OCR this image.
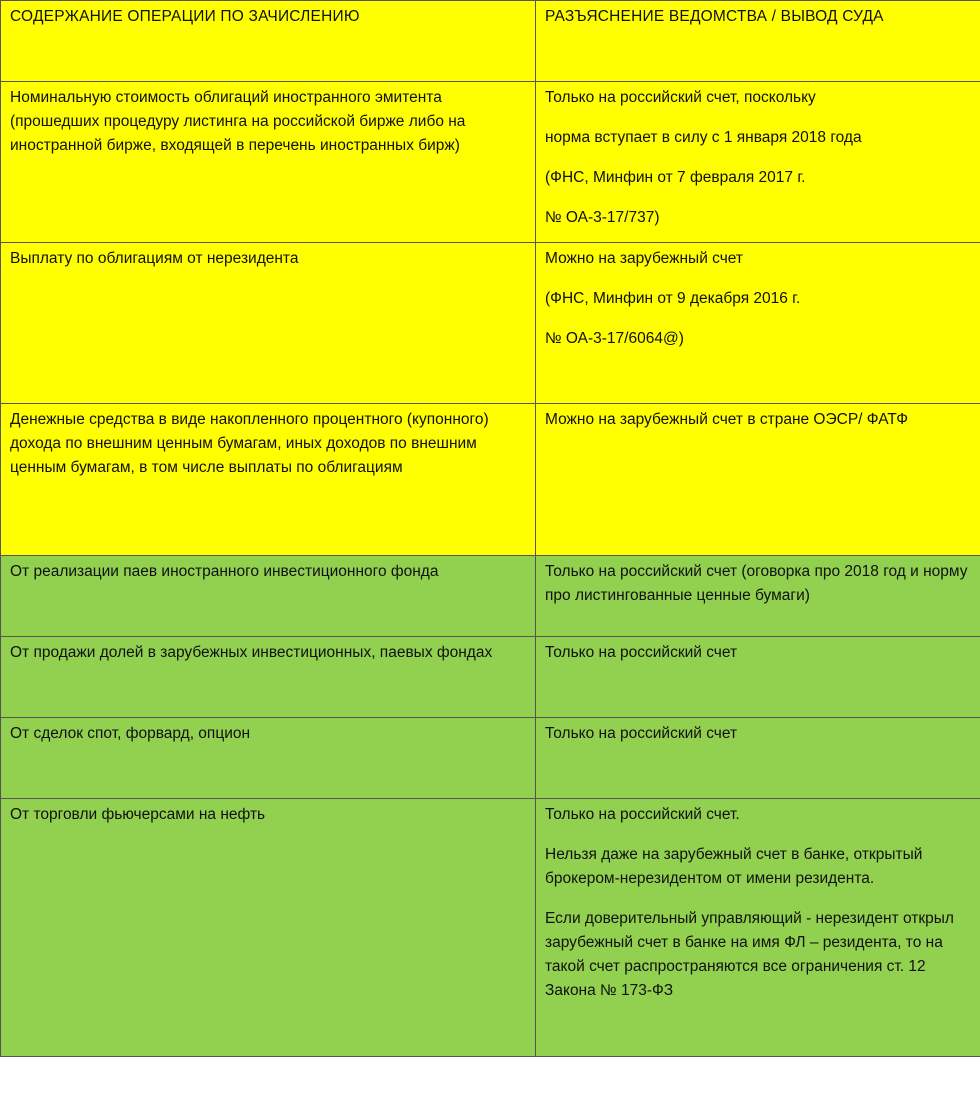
СОДЕРЖАНИЕ ОПЕРАЦИИ ПО ЗАЧИСЛЕНИЮ	РАЗЪЯСНЕНИЕ ВЕДОМСТВА / ВЫВОД СУДА
Номинальную стоимость облигаций иностранного эмитента (прошедших процедуру листинга на российской бирже либо на иностранной бирже, входящей в перечень иностранных бирж)	Только на российский счет, поскольку

норма вступает в силу с 1 января 2018 года

(ФНС, Минфин от 7 февраля 2017 г.

№ ОА-3-17/737)

Выплату по облигациям от нерезидента	Можно на зарубежный счет

(ФНС, Минфин от 9 декабря 2016 г.

№ ОА-3-17/6064@)

Денежные средства в виде накопленного процентного (купонного) дохода по внешним ценным бумагам, иных доходов по внешним ценным бумагам, в том числе выплаты по облигациям	Можно на зарубежный счет в стране ОЭСР/ ФАТФ

От реализации паев иностранного инвестиционного фонда	Только на российский счет (оговорка про 2018 год и норму про листингованные ценные бумаги)

От продажи долей в зарубежных инвестиционных, паевых фондах	Только на российский счет

От сделок спот, форвард, опцион	Только на российский счет

От торговли фьючерсами на нефть	Только на российский счет.

Нельзя даже на зарубежный счет в банке, открытый брокером-нерезидентом от имени резидента.

Если доверительный управляющий - нерезидент открыл зарубежный счет в банке на имя ФЛ – резидента, то на такой счет распространяются все ограничения ст. 12 Закона № 173-ФЗ
